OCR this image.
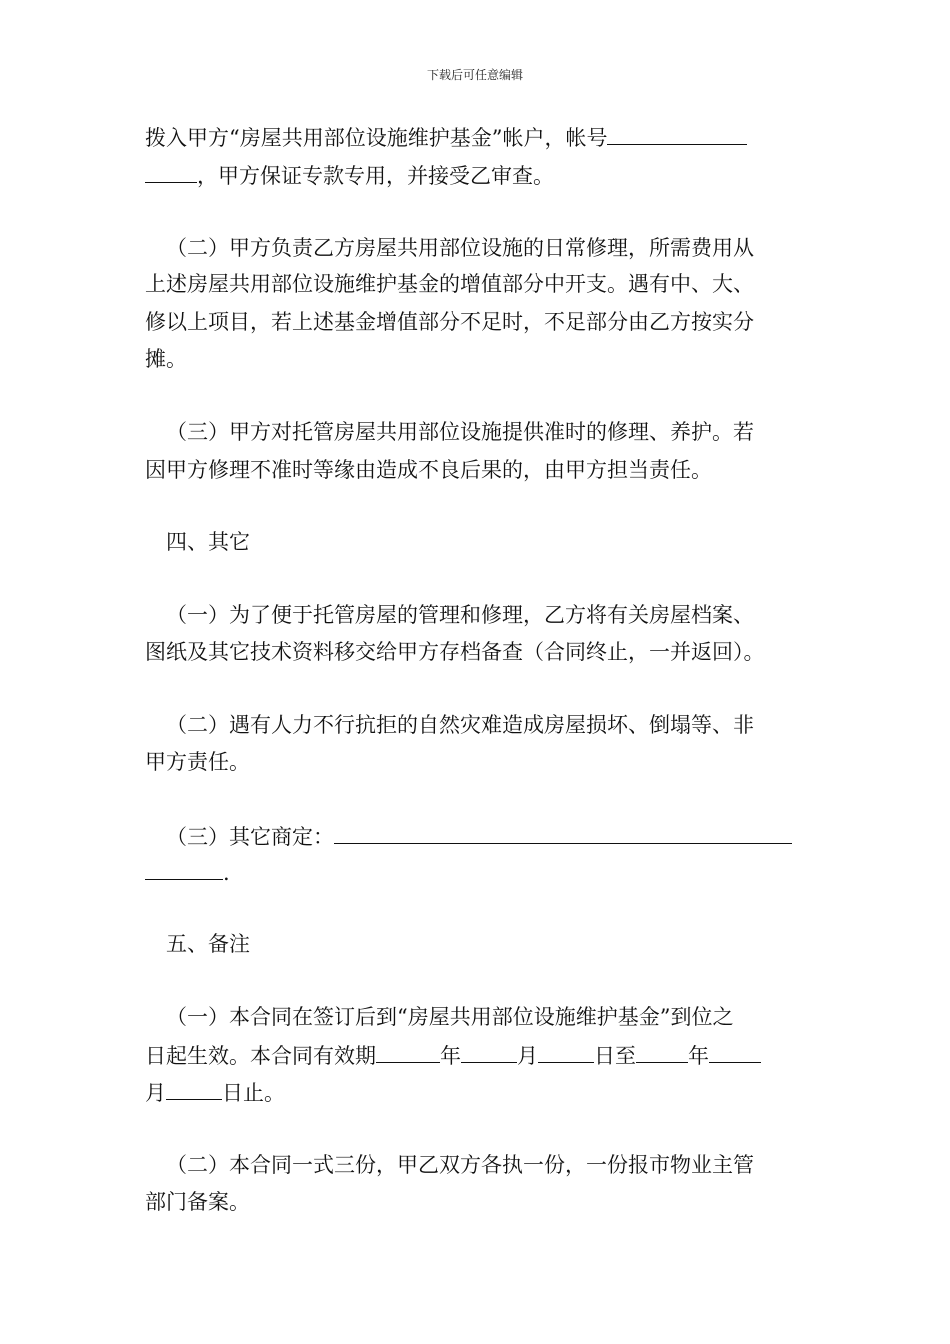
下载后可任意编辑
拨入甲方“房屋共用部位设施维护基金”帐户，帐号
，甲方保证专款专用，并接受乙审查。
（二）甲方负责乙方房屋共用部位设施的日常修理，所需费用从
上述房屋共用部位设施维护基金的增值部分中开支。遇有中、大、
修以上项目，若上述基金增值部分不足时，不足部分由乙方按实分
摊。
（三）甲方对托管房屋共用部位设施提供准时的修理、养护。若
因甲方修理不准时等缘由造成不良后果的，由甲方担当责任。
四、其它
（一）为了便于托管房屋的管理和修理，乙方将有关房屋档案、
图纸及其它技术资料移交给甲方存档备查（合同终止，一并返回）。
（二）遇有人力不行抗拒的自然灾难造成房屋损坏、倒塌等、非
甲方责任。
（三）其它商定：
.
五、备注
（一）本合同在签订后到“房屋共用部位设施维护基金”到位之
日起生效。本合同有效期	年	月	日至 年
月	日止。
（二）本合同一式三份，甲乙双方各执一份，一份报市物业主管
部门备案。
